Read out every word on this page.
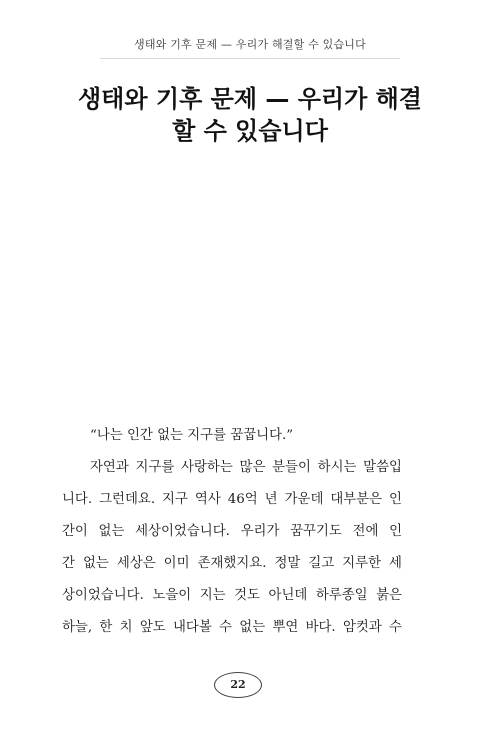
생태와 기후 문제 — 우리가 해결할 수 있습니다
생태와 기후 문제 — 우리가 해결
할 수 있습니다
“나는 인간 없는 지구를 꿈꿉니다.”
자연과 지구를 사랑하는 많은 분들이 하시는 말씀입
니다. 그런데요. 지구 역사 46억 년 가운데 대부분은 인
간이 없는 세상이었습니다. 우리가 꿈꾸기도 전에 인
간 없는 세상은 이미 존재했지요. 정말 길고 지루한 세
상이었습니다. 노을이 지는 것도 아닌데 하루종일 붉은
하늘, 한 치 앞도 내다볼 수 없는 뿌연 바다. 암컷과 수
22
